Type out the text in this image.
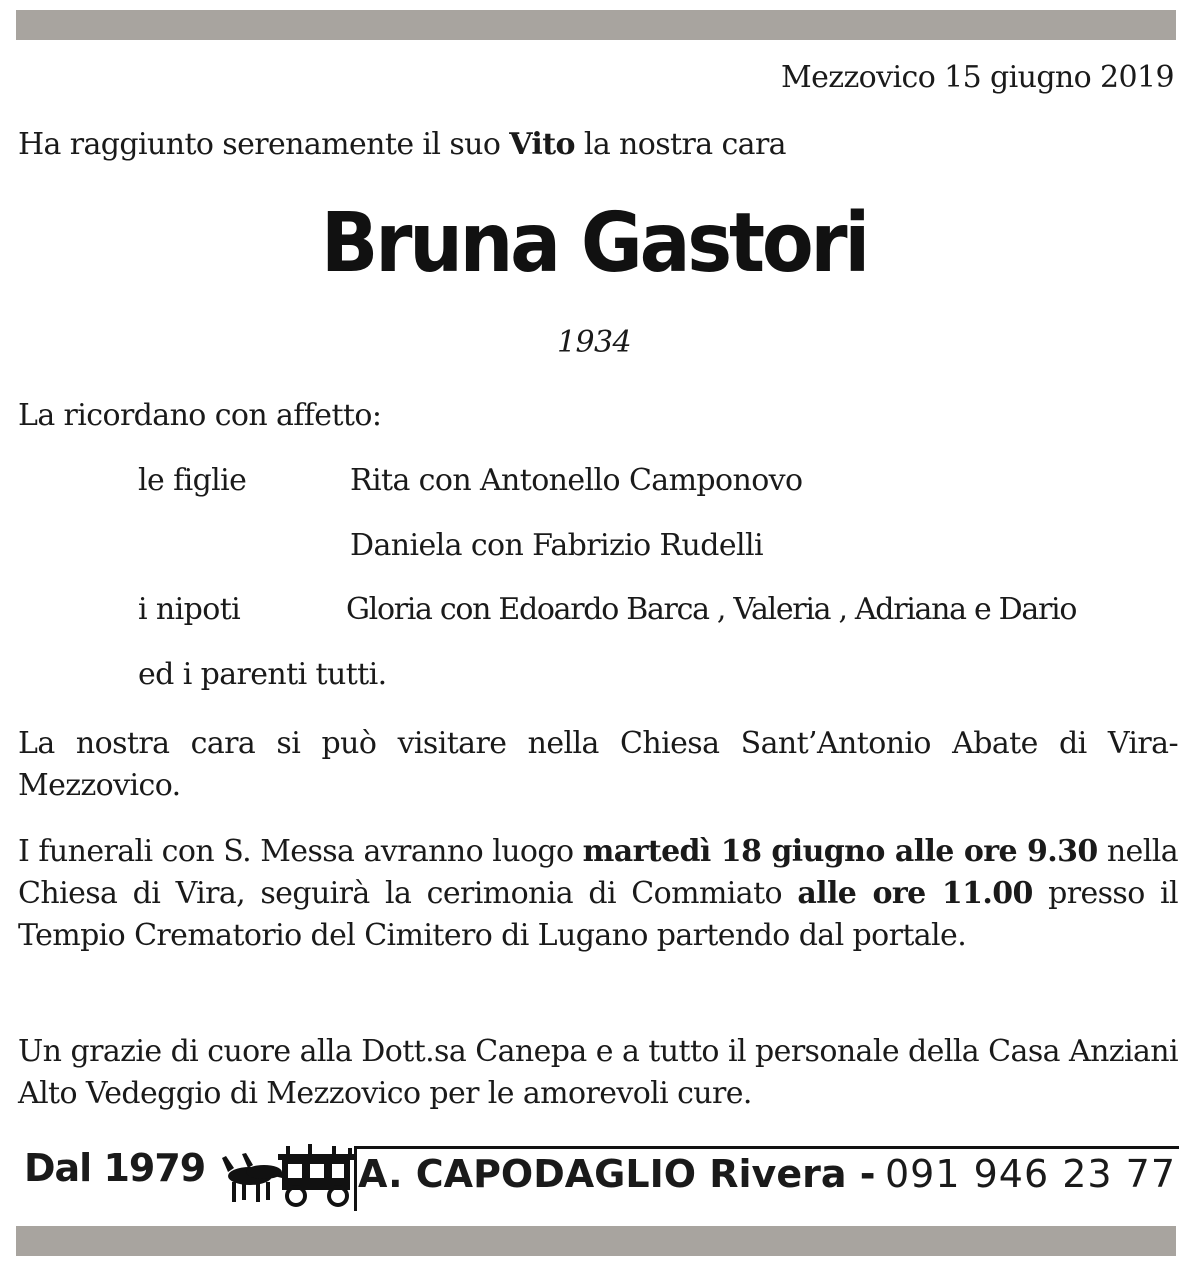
Mezzovico 15 giugno 2019
Ha raggiunto serenamente il suo Vito la nostra cara
Bruna Gastori
1934
La ricordano con affetto:
le figlie	Rita con Antonello Camponovo
Daniela con Fabrizio Rudelli
i nipoti	Gloria con Edoardo Barca , Valeria , Adriana e Dario
ed i parenti tutti.
La nostra cara si può visitare nella Chiesa Sant’Antonio Abate di Vira-Mezzovico.
I funerali con S. Messa avranno luogo martedì 18 giugno alle ore 9.30 nella Chiesa di Vira, seguirà la cerimonia di Commiato alle ore 11.00 presso il Tempio Crematorio del Cimitero di Lugano partendo dal portale.
Un grazie di cuore alla Dott.sa Canepa e a tutto il personale della Casa Anziani Alto Vedeggio di Mezzovico per le amorevoli cure.
Dal 1979	A. CAPODAGLIO Rivera - 091 946 23 77
